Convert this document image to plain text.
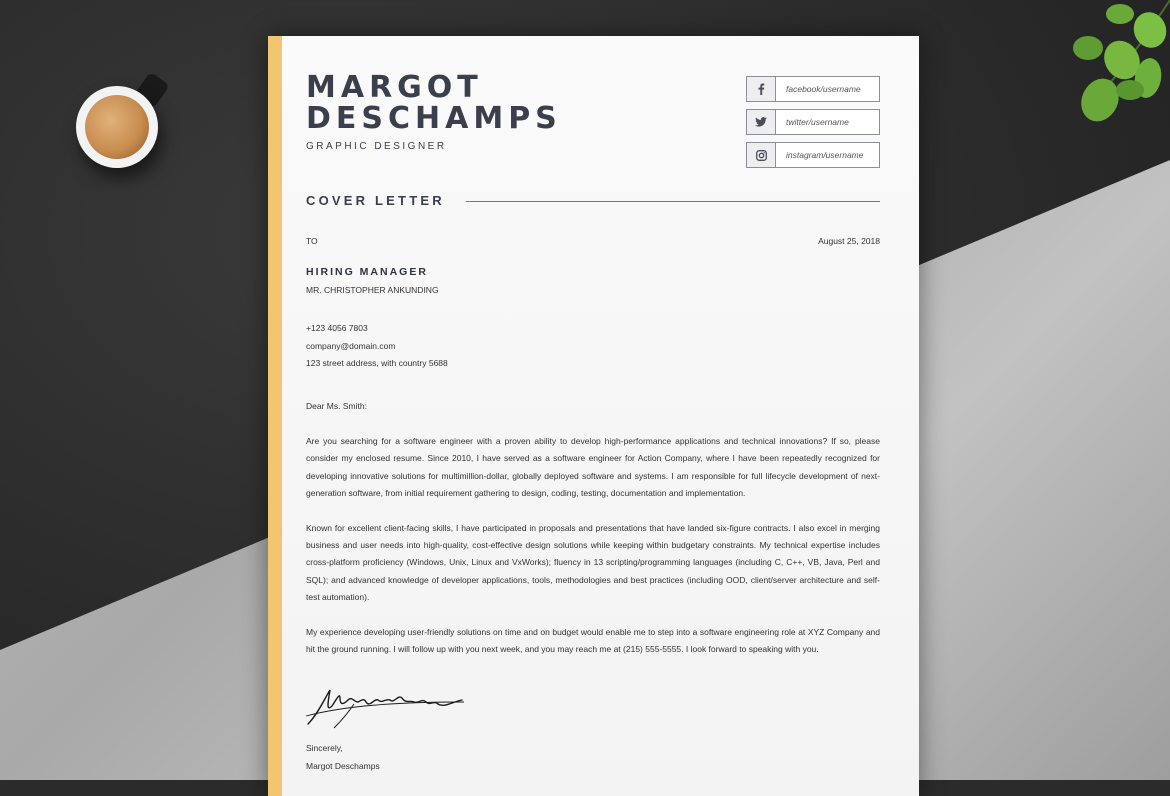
MARGOT
DESCHAMPS
GRAPHIC DESIGNER
facebook/username
twitter/username
instagram/username
COVER LETTER
TO	August 25, 2018
HIRING MANAGER
MR. CHRISTOPHER ANKUNDING
+123 4056 7803
company@domain.com
123 street address, with country 5688
Dear Ms. Smith:

Are you searching for a software engineer with a proven ability to develop high-performance applications and technical innovations? If so, please consider my enclosed resume. Since 2010, I have served as a software engineer for Action Company, where I have been repeatedly recognized for developing innovative solutions for multimillion-dollar, globally deployed software and systems. I am responsible for full lifecycle development of next-generation software, from initial requirement gathering to design, coding, testing, documentation and implementation.

Known for excellent client-facing skills, I have participated in proposals and presentations that have landed six-figure contracts. I also excel in merging business and user needs into high-quality, cost-effective design solutions while keeping within budgetary constraints. My technical expertise includes cross-platform proficiency (Windows, Unix, Linux and VxWorks); fluency in 13 scripting/programming languages (including C, C++, VB, Java, Perl and SQL); and advanced knowledge of developer applications, tools, methodologies and best practices (including OOD, client/server architecture and self-test automation).

My experience developing user-friendly solutions on time and on budget would enable me to step into a software engineering role at XYZ Company and hit the ground running. I will follow up with you next week, and you may reach me at (215) 555-5555. I look forward to speaking with you.

Sincerely,
Margot Deschamps
